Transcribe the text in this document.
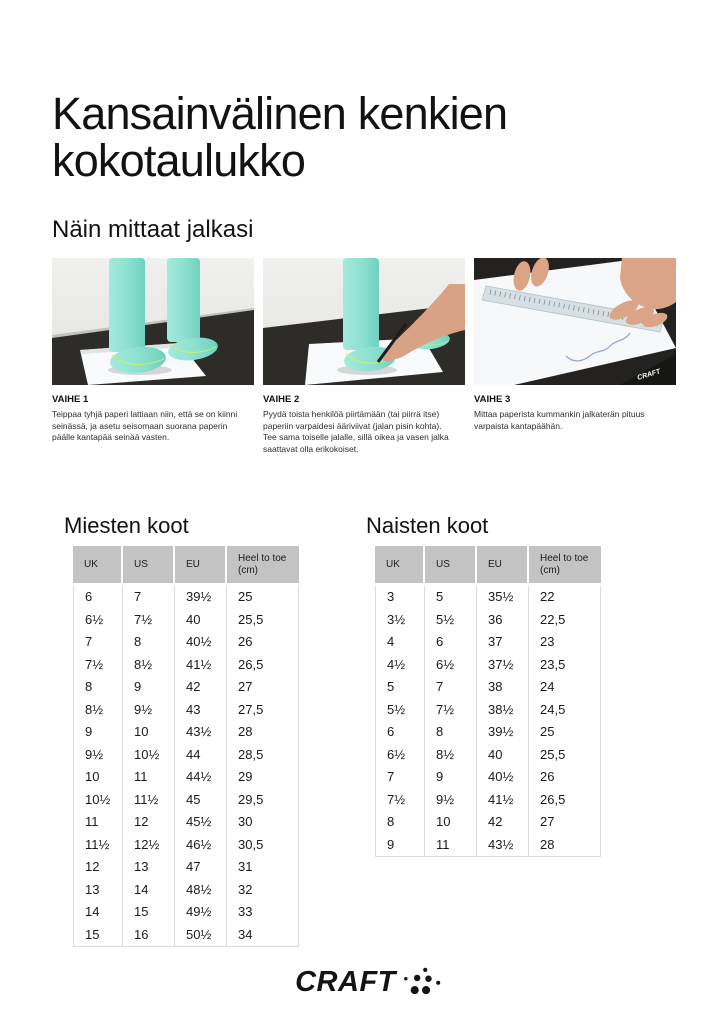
Kansainvälinen kenkien kokotaulukko
Näin mittaat jalkasi
CRAFT
VAIHE 1

Teippaa tyhjä paperi lattiaan niin, että se on kiinni seinässä, ja asetu seisomaan suorana paperin päälle kantapää seinää vasten.

VAIHE 2

Pyydä toista henkilöä piirtämään (tai piirrä itse) paperiin varpaidesi ääriviivat (jalan pisin kohta). Tee sama toiselle jalalle, sillä oikea ja vasen jalka saattavat olla erikokoiset.

VAIHE 3

Mittaa paperista kummankin jalkaterän pituus varpaista kantapäähän.

Miesten koot
UK	US	EU	Heel to toe (cm)
6	7	39½	25
6½	7½	40	25,5
7	8	40½	26
7½	8½	41½	26,5
8	9	42	27
8½	9½	43	27,5
9	10	43½	28
9½	10½	44	28,5
10	11	44½	29
10½	11½	45	29,5
11	12	45½	30
11½	12½	46½	30,5
12	13	47	31
13	14	48½	32
14	15	49½	33
15	16	50½	34
Naisten koot
UK	US	EU	Heel to toe (cm)
3	5	35½	22
3½	5½	36	22,5
4	6	37	23
4½	6½	37½	23,5
5	7	38	24
5½	7½	38½	24,5
6	8	39½	25
6½	8½	40	25,5
7	9	40½	26
7½	9½	41½	26,5
8	10	42	27
9	11	43½	28
CRAFT
